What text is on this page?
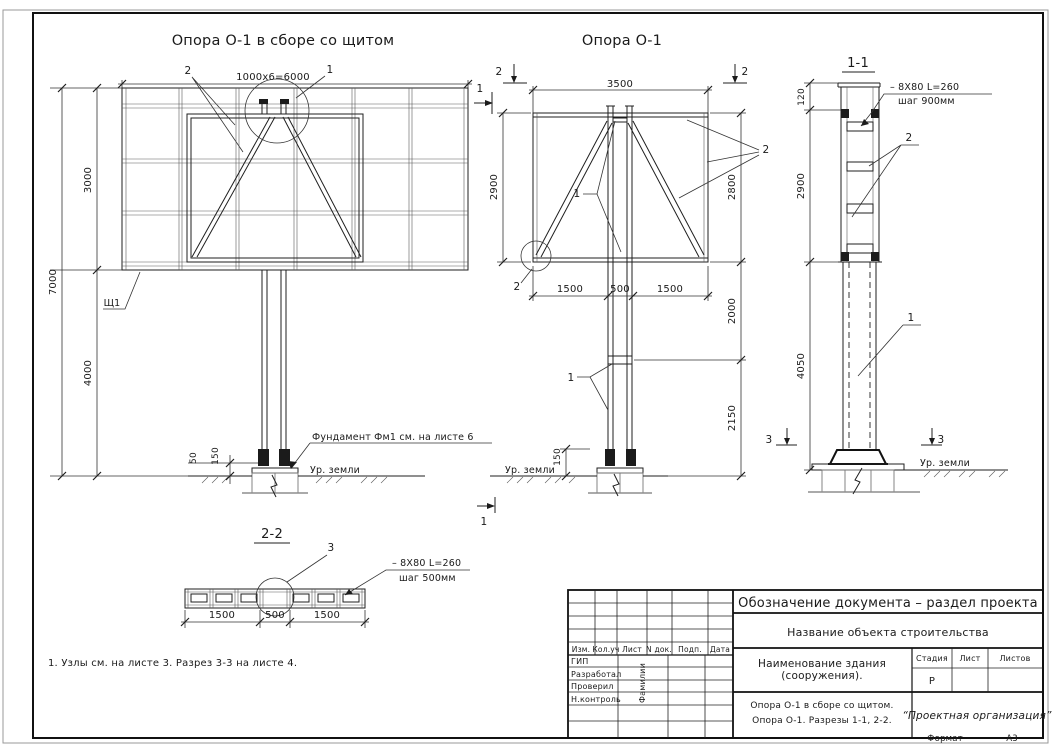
Опора О-1 в сборе со щитом
1000х6=6000
2	1
Ур. земли
Фундамент Фм1 см. на листе 6
3000
4000
7000
50 150
Щ1
Опора О-1
2	2
1	3500
2
1
1
2
2800
2000
2150
2900
1500	500	1500
Ур. земли
150
1
1-1
Ур. земли
120
2900
4050
– 8Х80 L=260
шаг 900мм
2
1
3	3
2-2
3
– 8Х80 L=260
шаг 500мм
1500	500	1500
1. Узлы см. на листе 3. Разрез 3-3 на листе 4.
Изм. Кол.уч Лист N док. Подп. Дата
ГИП
Разработал
Проверил
Н.контроль Фамилии
Обозначение документа – раздел проекта
Название объекта строительства
Наименование здания
(сооружения).
Стадия Лист Листов
Р
Опора О-1 в сборе со щитом.
Опора О-1. Разрезы 1-1, 2-2. “Проектная организация”
Формат	А3
